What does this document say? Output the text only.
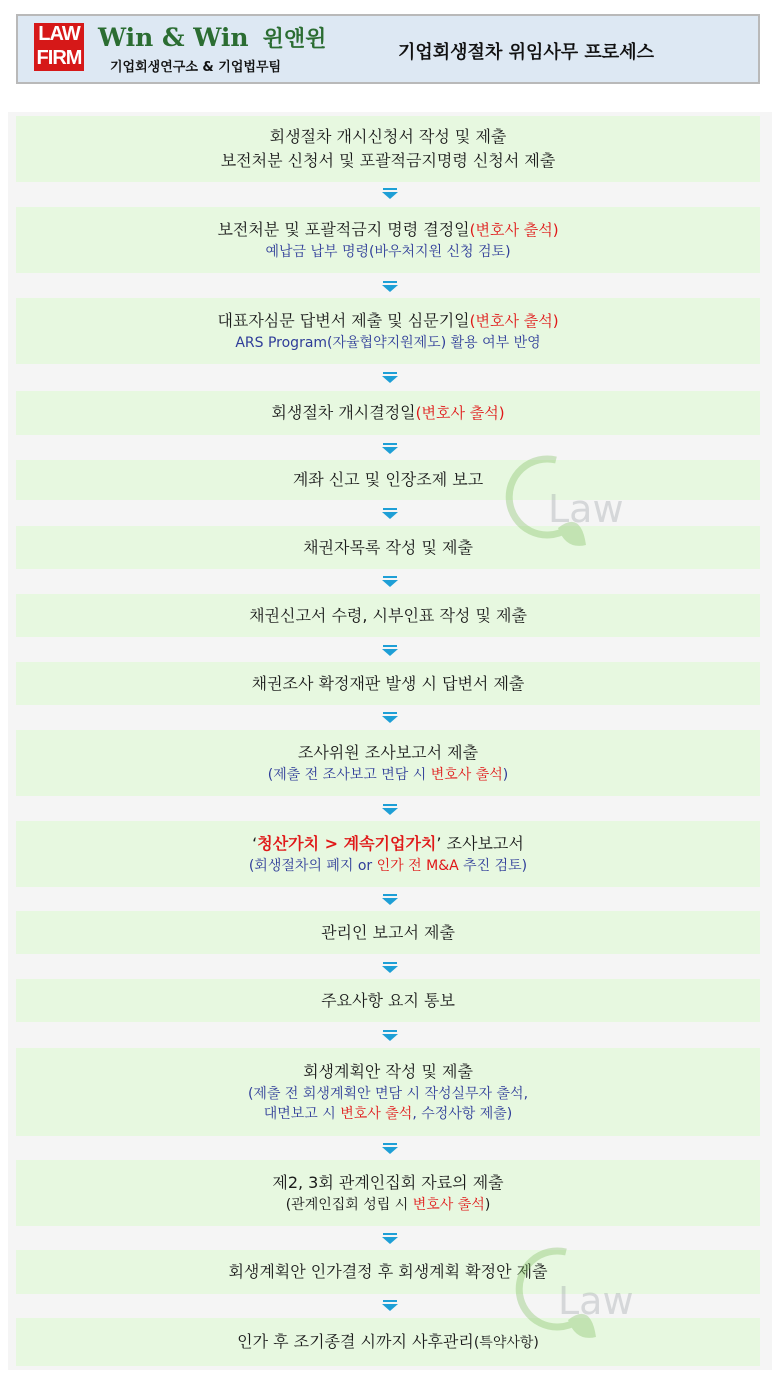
LAW
FIRM
Win & Win 윈앤윈
기업회생연구소 & 기업법무팀
기업회생절차 위임사무 프로세스
회생절차 개시신청서 작성 및 제출
보전처분 신청서 및 포괄적금지명령 신청서 제출
보전처분 및 포괄적금지 명령 결정일(변호사 출석)
예납금 납부 명령(바우처지원 신청 검토)
대표자심문 답변서 제출 및 심문기일(변호사 출석)
ARS Program(자율협약지원제도) 활용 여부 반영
회생절차 개시결정일(변호사 출석)
계좌 신고 및 인장조제 보고
채권자목록 작성 및 제출
채권신고서 수령, 시부인표 작성 및 제출
채권조사 확정재판 발생 시 답변서 제출
조사위원 조사보고서 제출
(제출 전 조사보고 면담 시 변호사 출석)
‘청산가치 > 계속기업가치’ 조사보고서
(회생절차의 폐지 or 인가 전 M&A 추진 검토)
관리인 보고서 제출
주요사항 요지 통보
회생계획안 작성 및 제출
(제출 전 회생계획안 면담 시 작성실무자 출석,
대면보고 시 변호사 출석, 수정사항 제출)
제2, 3회 관계인집회 자료의 제출
(관계인집회 성립 시 변호사 출석)
회생계획안 인가결정 후 회생계획 확정안 제출
인가 후 조기종결 시까지 사후관리(특약사항)
Law
Law
